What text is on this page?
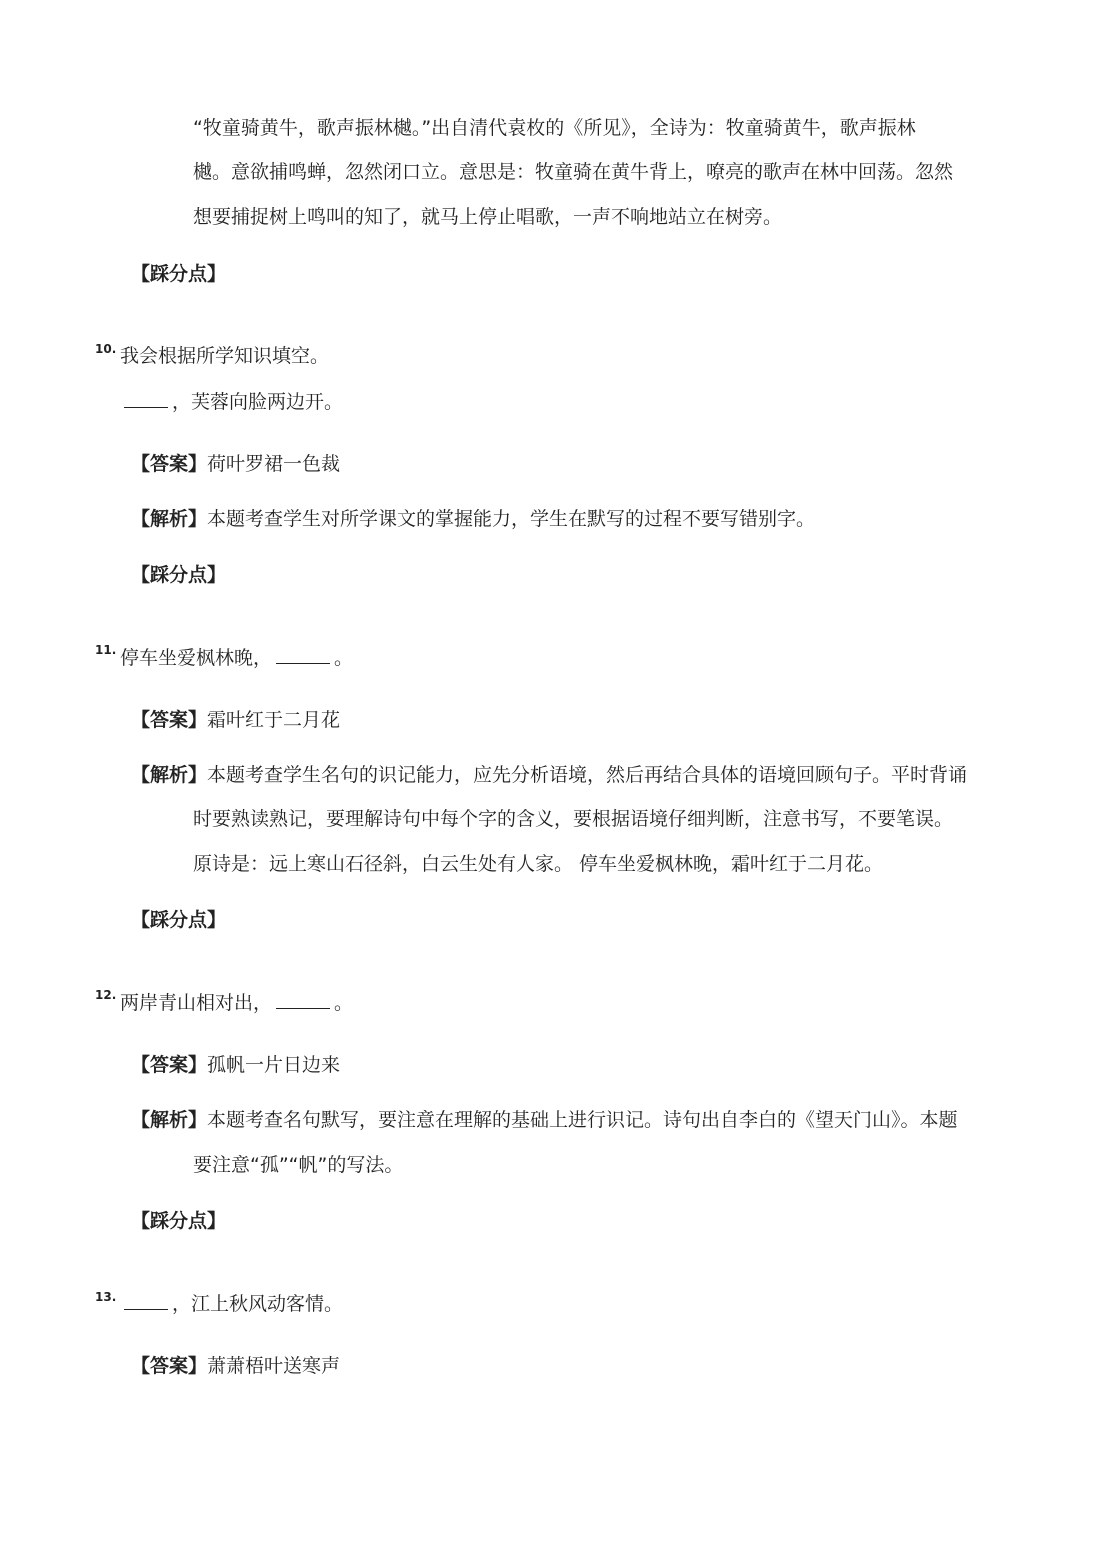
“牧童骑黄牛，歌声振林樾。”出自清代袁枚的《所见》，全诗为：牧童骑黄牛，歌声振林
樾。意欲捕鸣蝉，忽然闭口立。意思是：牧童骑在黄牛背上，嘹亮的歌声在林中回荡。忽然
想要捕捉树上鸣叫的知了，就马上停止唱歌，一声不响地站立在树旁。
【踩分点】
10. 我会根据所学知识填空。
，芙蓉向脸两边开。
【答案】荷叶罗裙一色裁
【解析】本题考查学生对所学课文的掌握能力，学生在默写的过程不要写错别字。
【踩分点】
11. 停车坐爱枫林晚，	。
【答案】霜叶红于二月花
【解析】本题考查学生名句的识记能力，应先分析语境，然后再结合具体的语境回顾句子。平时背诵
时要熟读熟记，要理解诗句中每个字的含义，要根据语境仔细判断，注意书写，不要笔误。
原诗是：远上寒山石径斜，白云生处有人家。 停车坐爱枫林晚，霜叶红于二月花。
【踩分点】
12. 两岸青山相对出，	。
【答案】孤帆一片日边来
【解析】本题考查名句默写，要注意在理解的基础上进行识记。诗句出自李白的《望天门山》。本题
要注意“孤”“帆”的写法。
【踩分点】
13.	，江上秋风动客情。
【答案】萧萧梧叶送寒声
